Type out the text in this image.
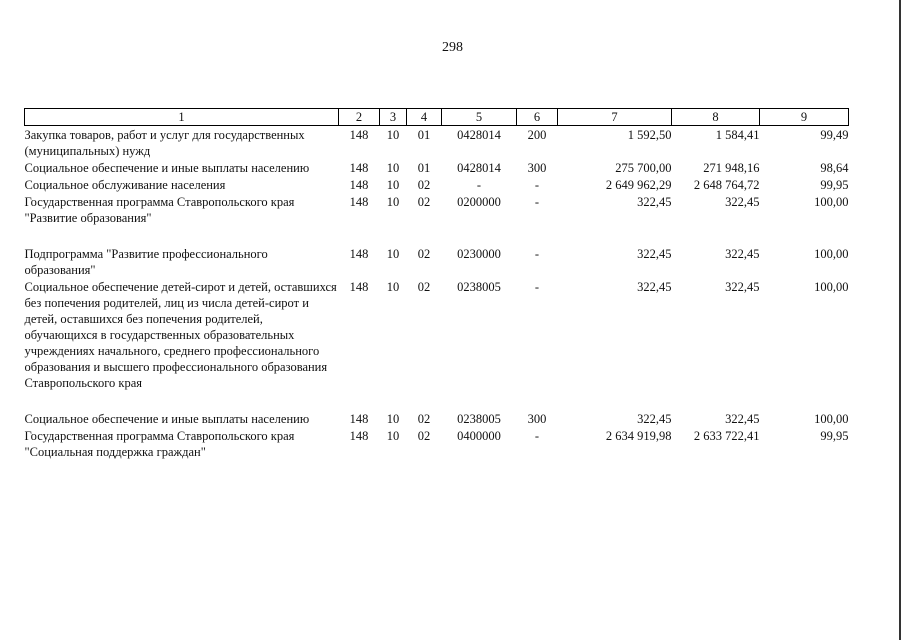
298
1	2	3	4	5	6	7	8	9
Закупка товаров, работ и услуг для государственных (муниципальных) нужд	148	10	01	0428014	200	1 592,50	1 584,41	99,49
Социальное обеспечение и иные выплаты населению	148	10	01	0428014	300	275 700,00	271 948,16	98,64
Социальное обслуживание населения	148	10	02	-	-	2 649 962,29	2 648 764,72	99,95
Государственная программа Ставропольского края "Развитие образования"	148	10	02	0200000	-	322,45	322,45	100,00
Подпрограмма "Развитие профессионального образования"	148	10	02	0230000	-	322,45	322,45	100,00
Социальное обеспечение детей-сирот и детей, оставшихся без попечения родителей, лиц из числа детей-сирот и детей, оставшихся без попечения родителей, обучающихся в государственных образовательных учреждениях начального, среднего профессионального образования и высшего профессионального образования Ставропольского края	148	10	02	0238005	-	322,45	322,45	100,00
Социальное обеспечение и иные выплаты населению	148	10	02	0238005	300	322,45	322,45	100,00
Государственная программа Ставропольского края "Социальная поддержка граждан"	148	10	02	0400000	-	2 634 919,98	2 633 722,41	99,95
